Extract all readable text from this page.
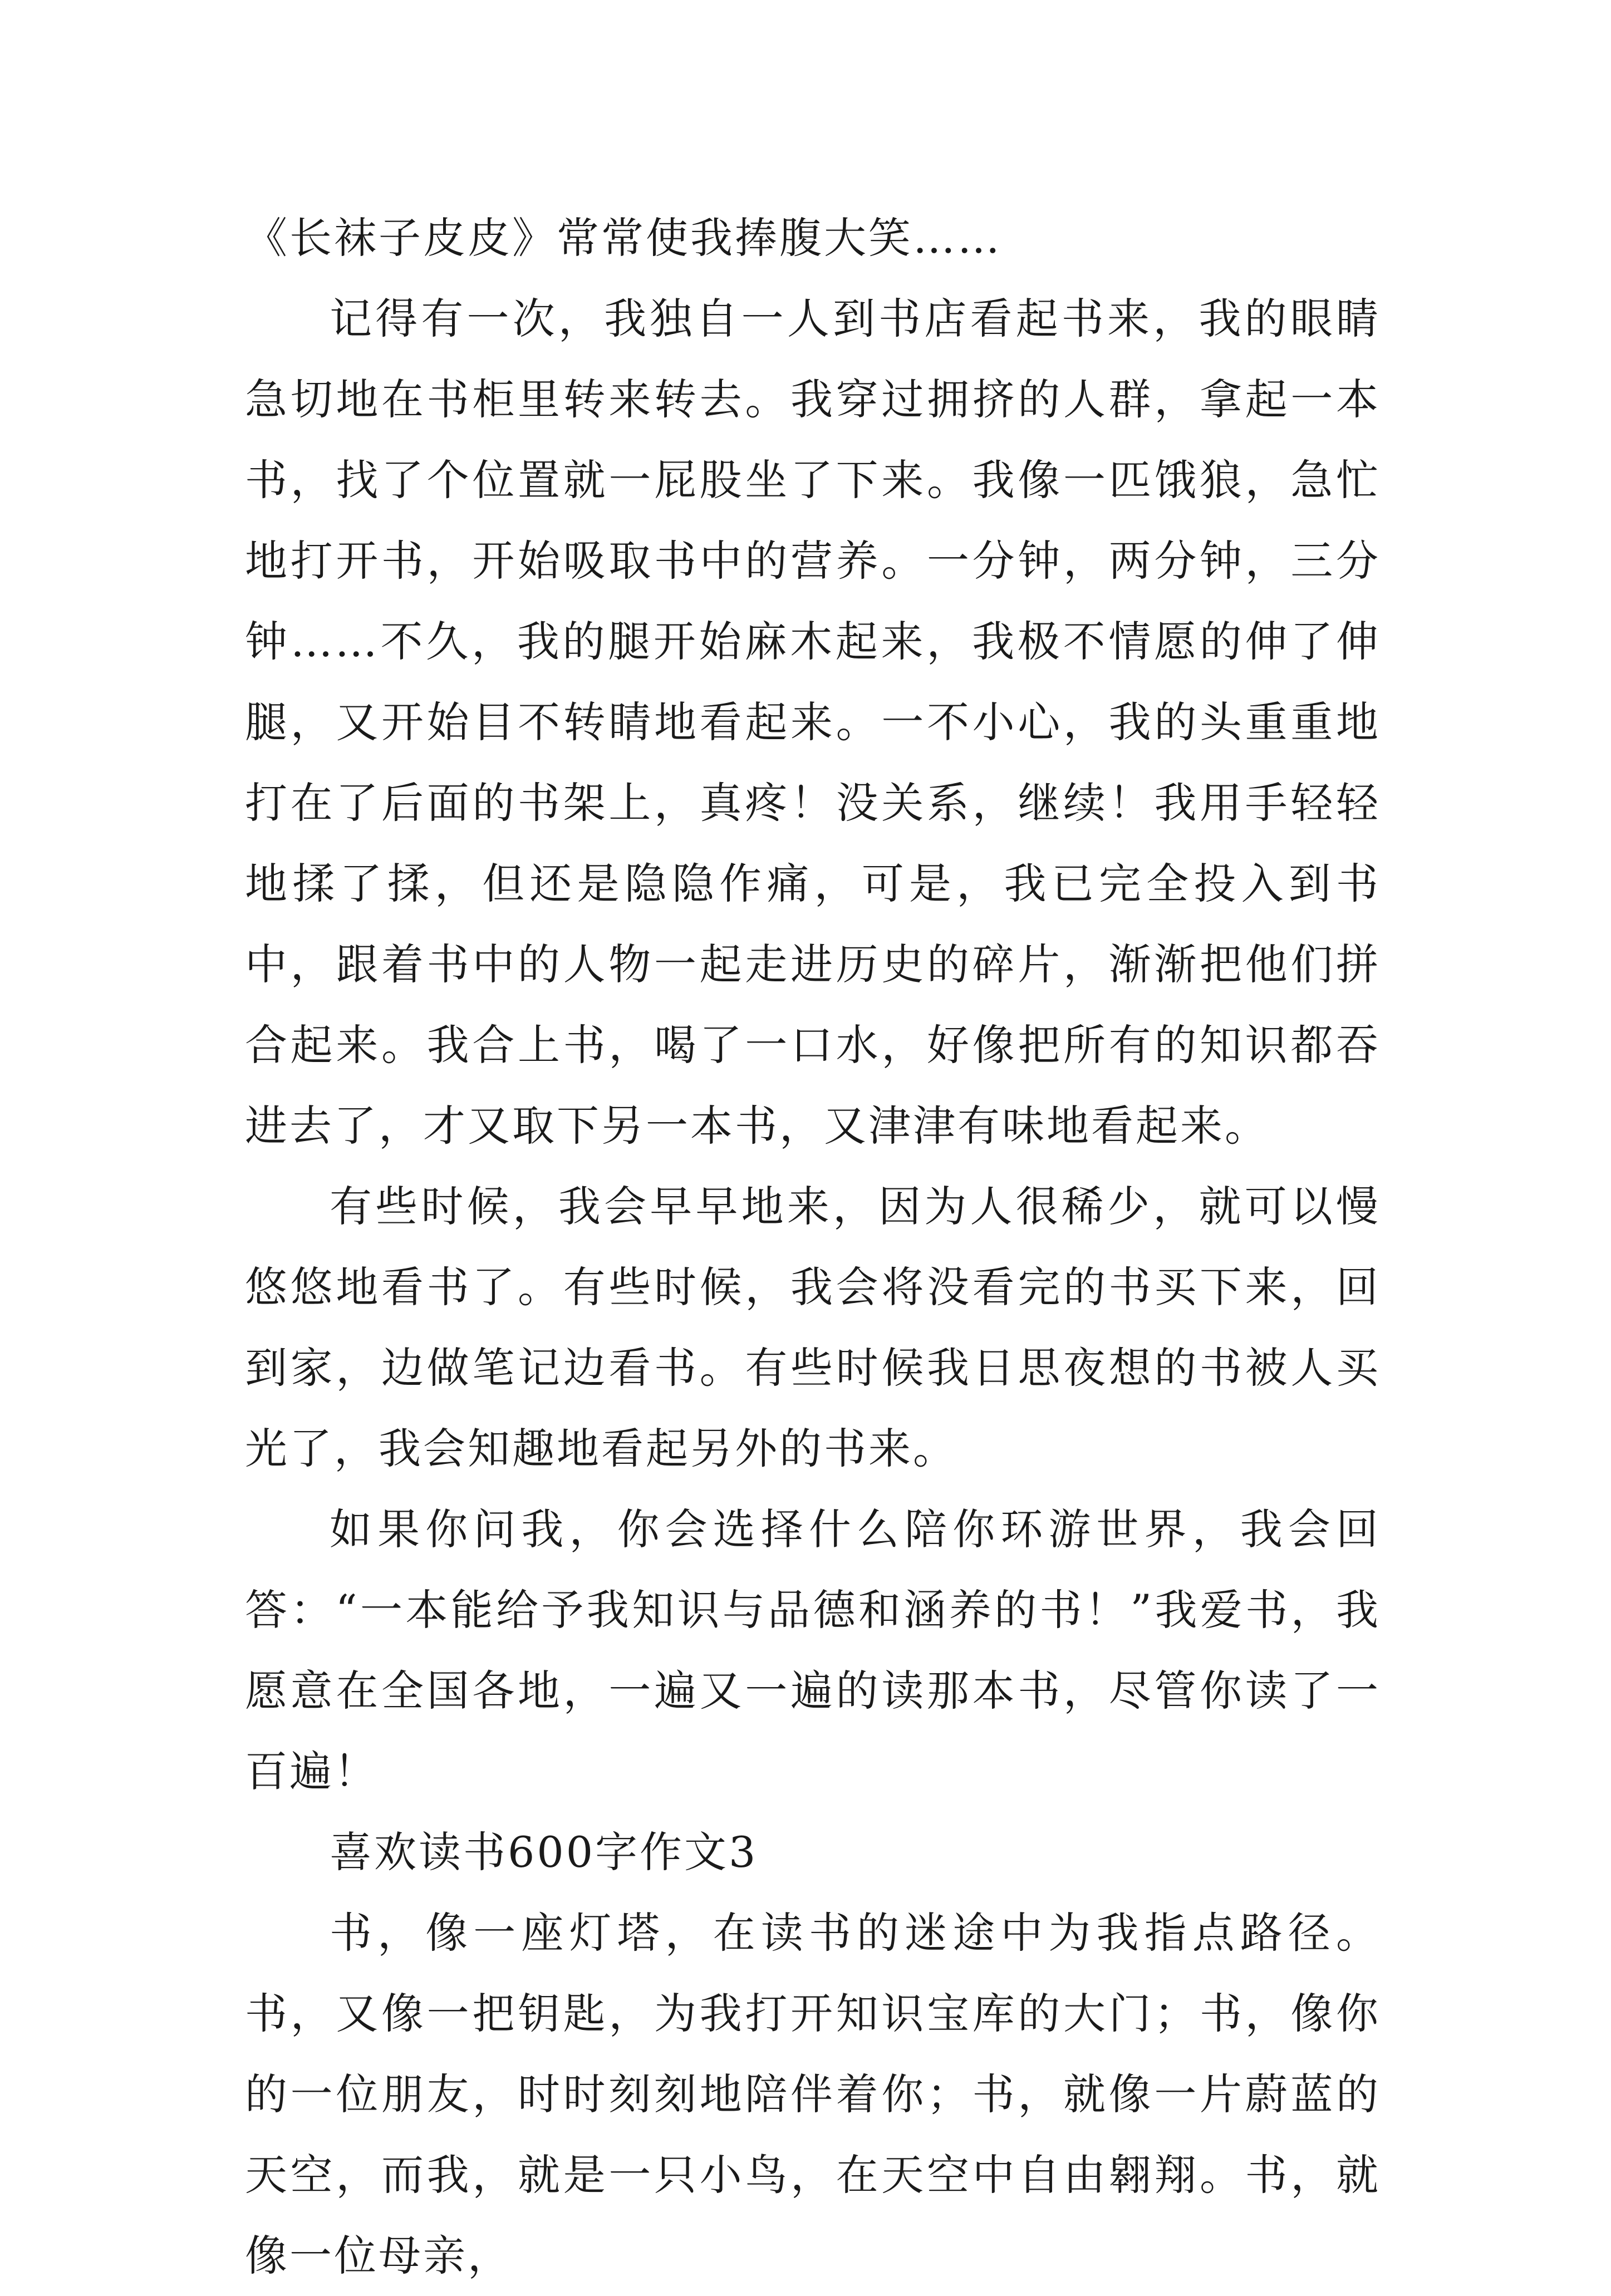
《长袜子皮皮》常常使我捧腹大笑……

记得有一次，我独自一人到书店看起书来，我的眼睛急切地在书柜里转来转去。我穿过拥挤的人群，拿起一本书，找了个位置就一屁股坐了下来。我像一匹饿狼，急忙地打开书，开始吸取书中的营养。一分钟，两分钟，三分钟……不久，我的腿开始麻木起来，我极不情愿的伸了伸腿，又开始目不转睛地看起来。一不小心，我的头重重地打在了后面的书架上，真疼！没关系，继续！我用手轻轻地揉了揉，但还是隐隐作痛，可是，我已完全投入到书中，跟着书中的人物一起走进历史的碎片，渐渐把他们拼合起来。我合上书，喝了一口水，好像把所有的知识都吞进去了，才又取下另一本书，又津津有味地看起来。

有些时候，我会早早地来，因为人很稀少，就可以慢悠悠地看书了。有些时候，我会将没看完的书买下来，回到家，边做笔记边看书。有些时候我日思夜想的书被人买光了，我会知趣地看起另外的书来。

如果你问我，你会选择什么陪你环游世界，我会回答：“一本能给予我知识与品德和涵养的书！”我爱书，我愿意在全国各地，一遍又一遍的读那本书，尽管你读了一百遍！

喜欢读书600字作文3

书，像一座灯塔，在读书的迷途中为我指点路径。书，又像一把钥匙，为我打开知识宝库的大门；书，像你的一位朋友，时时刻刻地陪伴着你；书，就像一片蔚蓝的天空，而我，就是一只小鸟，在天空中自由翱翔。书，就像一位母亲，
